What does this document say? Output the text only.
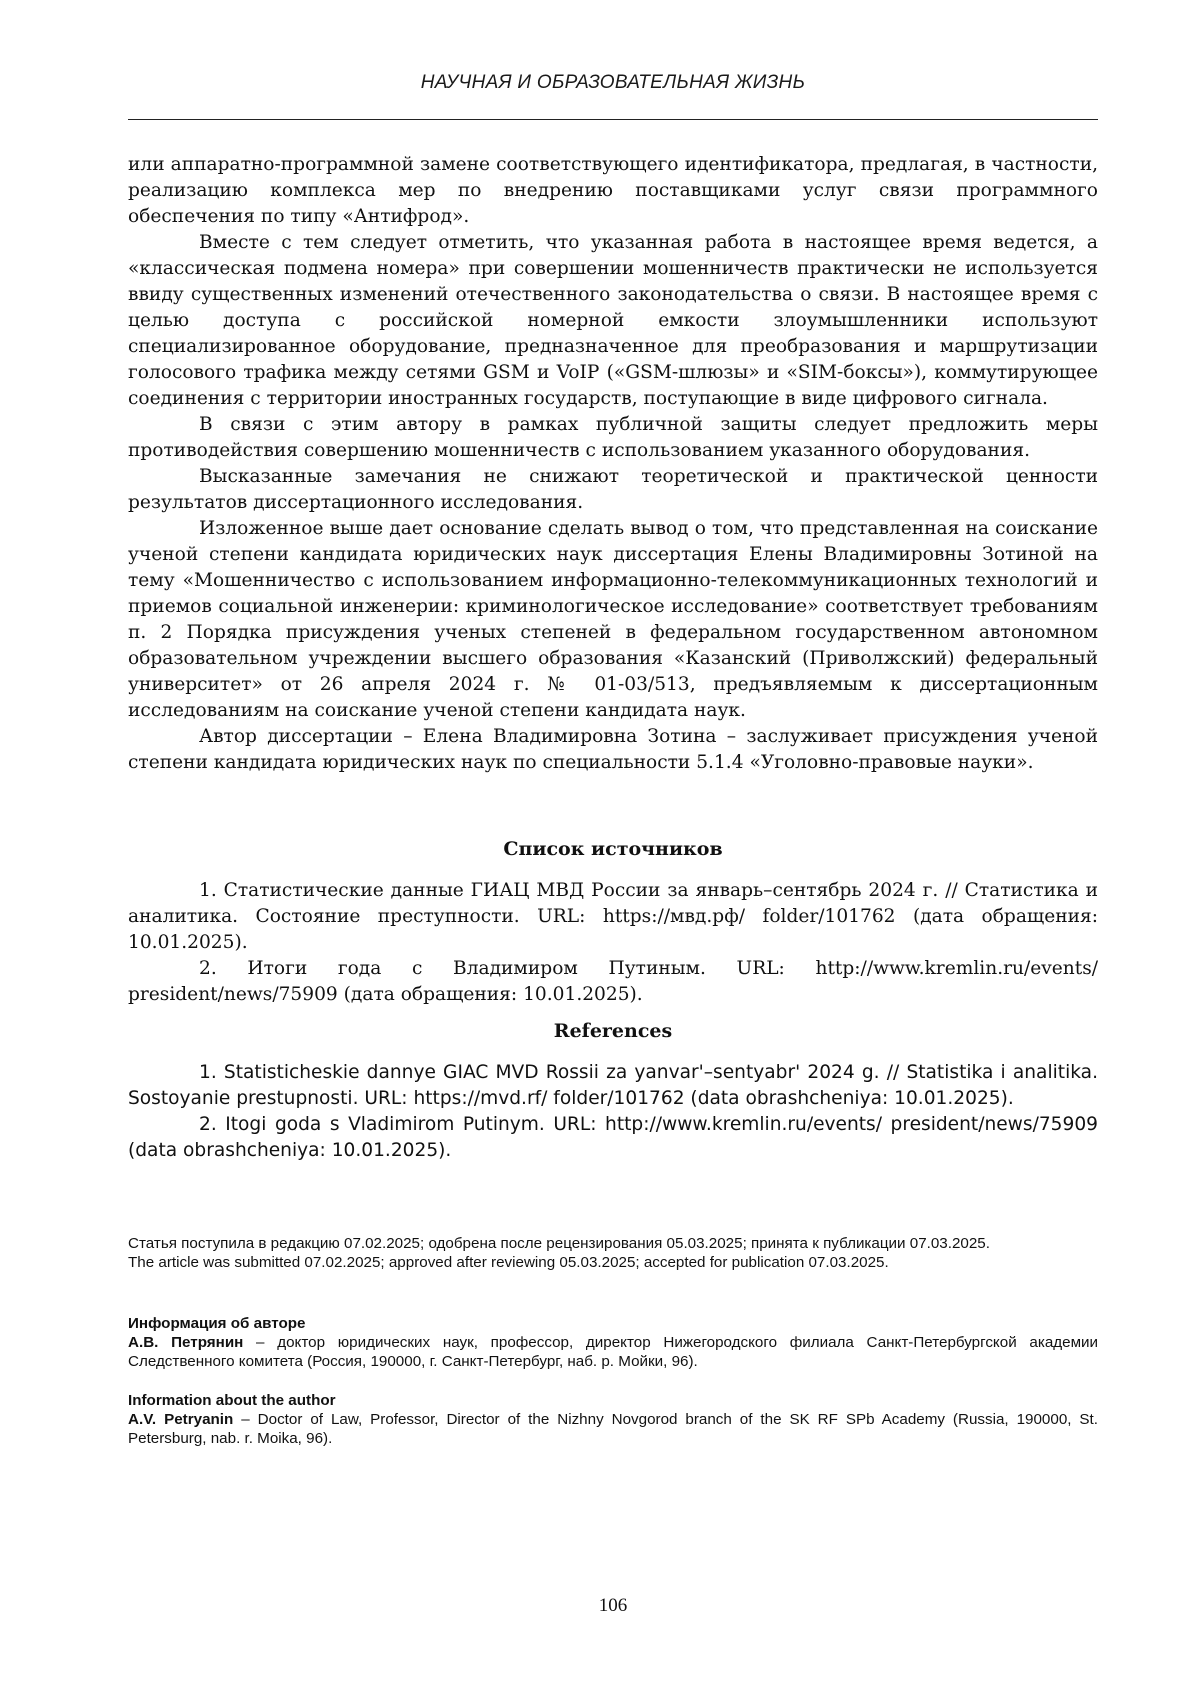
НАУЧНАЯ И ОБРАЗОВАТЕЛЬНАЯ ЖИЗНЬ

или аппаратно-программной замене соответствующего идентификатора, предлагая, в частности, реализацию комплекса мер по внедрению поставщиками услуг связи программного обеспечения по типу «Антифрод».

Вместе с тем следует отметить, что указанная работа в настоящее время ведется, а «классическая подмена номера» при совершении мошенничеств практически не используется ввиду существенных изменений отечественного законодательства о связи. В настоящее время с целью доступа с российской номерной емкости злоумышленники используют специализированное оборудование, предназначенное для преобразования и маршрутизации голосового трафика между сетями GSM и VoIP («GSM-шлюзы» и «SIM-боксы»), коммутирующее соединения с территории иностранных государств, поступающие в виде цифрового сигнала.

В связи с этим автору в рамках публичной защиты следует предложить меры противодействия совершению мошенничеств с использованием указанного оборудования.

Высказанные замечания не снижают теоретической и практической ценности результатов диссертационного исследования.

Изложенное выше дает основание сделать вывод о том, что представленная на соискание ученой степени кандидата юридических наук диссертация Елены Владимировны Зотиной на тему «Мошенничество с использованием информационно-телекоммуникационных технологий и приемов социальной инженерии: криминологическое исследование» соответствует требованиям п. 2 Порядка присуждения ученых степеней в федеральном государственном автономном образовательном учреждении высшего образования «Казанский (Приволжский) федеральный университет» от 26 апреля 2024 г. № 01-03/513, предъявляемым к диссертационным исследованиям на соискание ученой степени кандидата наук.

Автор диссертации – Елена Владимировна Зотина – заслуживает присуждения ученой степени кандидата юридических наук по специальности 5.1.4 «Уголовно-правовые науки».

Список источников

1. Статистические данные ГИАЦ МВД России за январь–сентябрь 2024 г. // Статистика и аналитика. Состояние преступности. URL: https://мвд.рф/ folder/101762 (дата обращения: 10.01.2025).

2. Итоги года с Владимиром Путиным. URL: http://www.kremlin.ru/events/ president/news/75909 (дата обращения: 10.01.2025).

References

1. Statisticheskie dannye GIAC MVD Rossii za yanvar'–sentyabr' 2024 g. // Statistika i analitika. Sostoyanie prestupnosti. URL: https://mvd.rf/ folder/101762 (data obrashcheniya: 10.01.2025).

2. Itogi goda s Vladimirom Putinym. URL: http://www.kremlin.ru/events/ president/news/75909 (data obrashcheniya: 10.01.2025).

Статья поступила в редакцию 07.02.2025; одобрена после рецензирования 05.03.2025; принята к публикации 07.03.2025.

The article was submitted 07.02.2025; approved after reviewing 05.03.2025; accepted for publication 07.03.2025.

Информация об авторе

А.В. Петрянин – доктор юридических наук, профессор, директор Нижегородского филиала Санкт-Петербургской академии Следственного комитета (Россия, 190000, г. Санкт-Петербург, наб. р. Мойки, 96).

Information about the author

A.V. Petryanin – Doctor of Law, Professor, Director of the Nizhny Novgorod branch of the SK RF SPb Academy (Russia, 190000, St. Petersburg, nab. r. Moika, 96).

106
